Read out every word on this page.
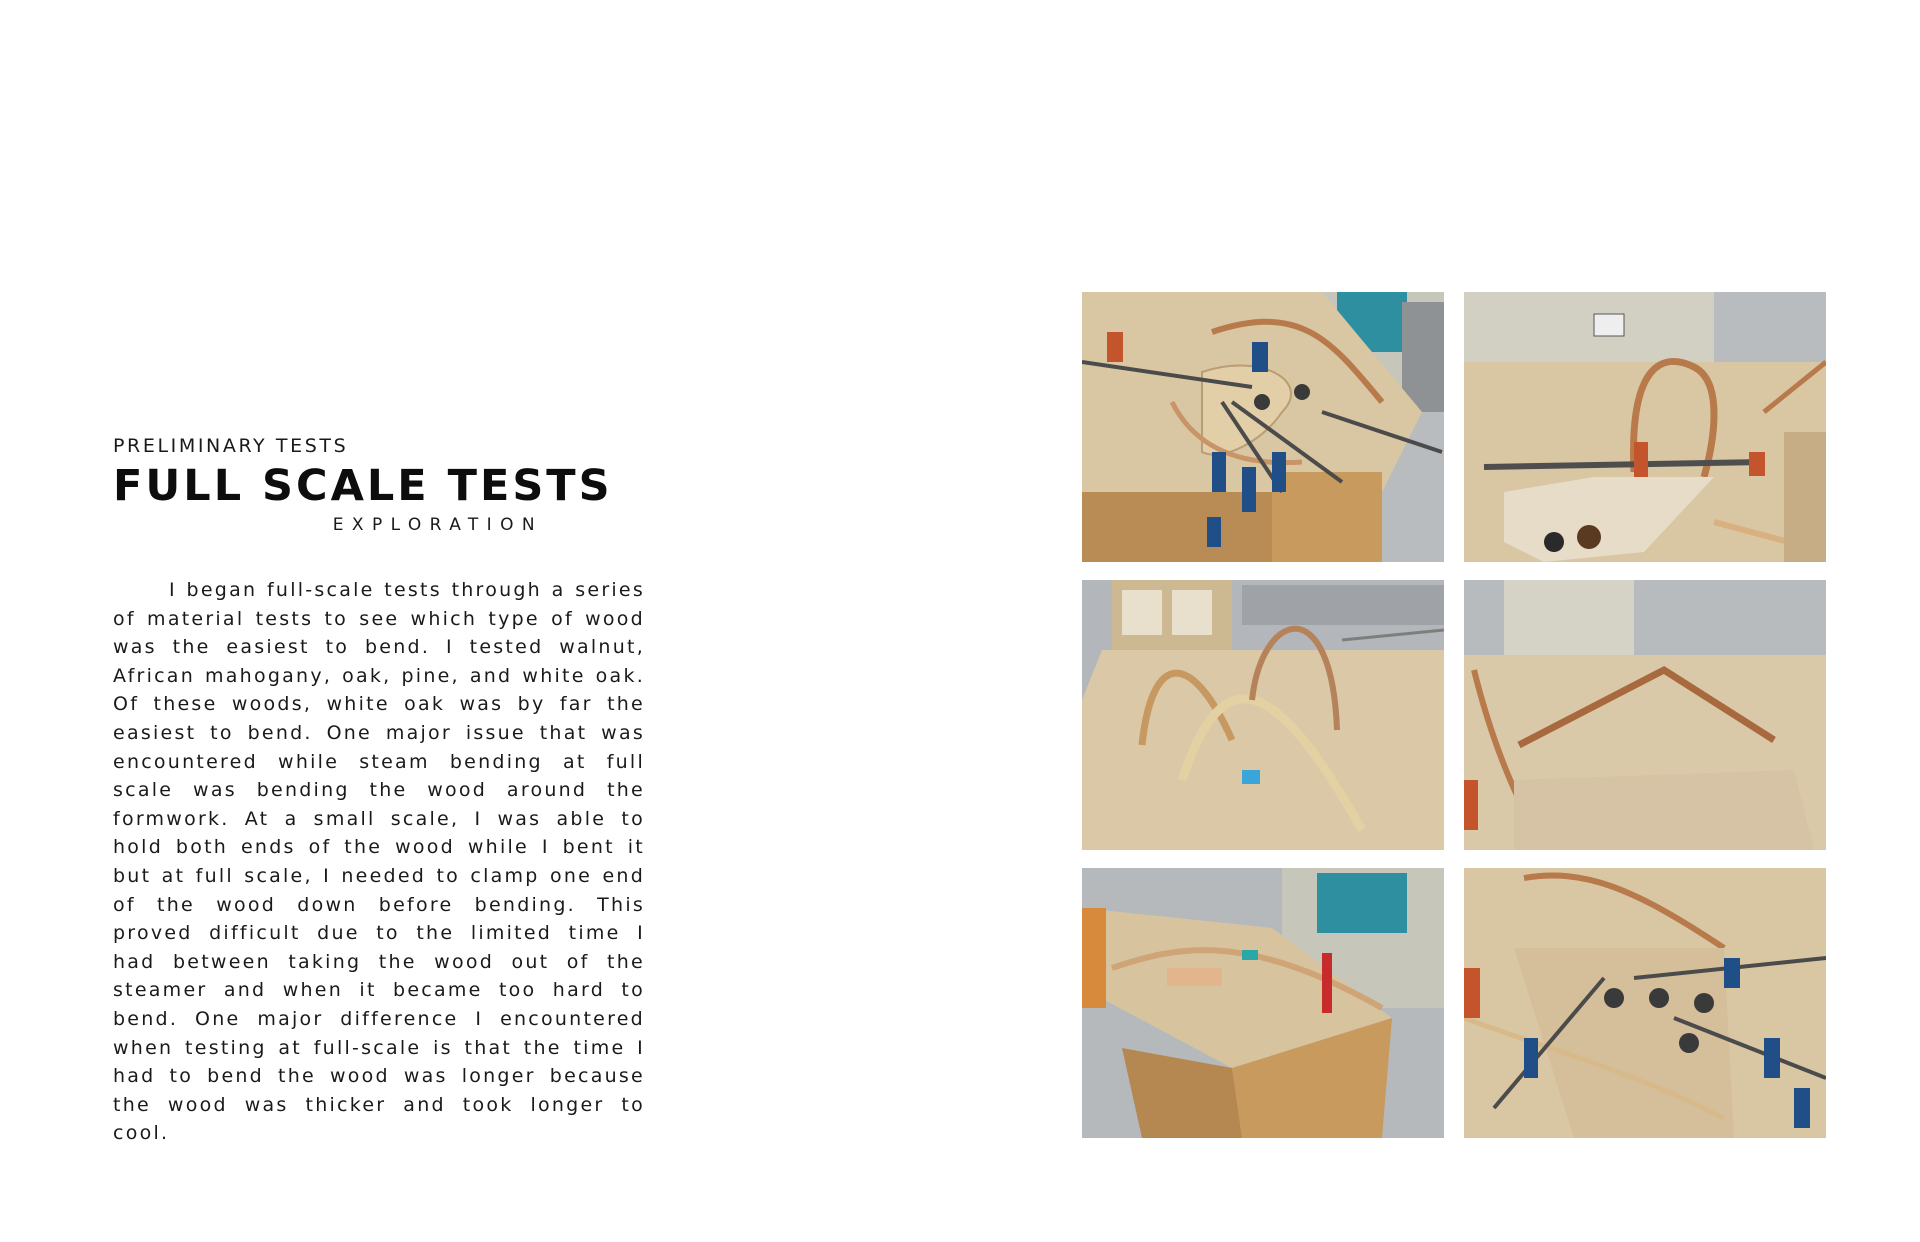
PRELIMINARY TESTS

FULL SCALE TESTS

EXPLORATION

I began full-scale tests through a series of material tests to see which type of wood was the easiest to bend. I tested walnut, African mahogany, oak, pine, and white oak. Of these woods, white oak was by far the easiest to bend. One major issue that was encountered while steam bending at full scale was bending the wood around the formwork. At a small scale, I was able to hold both ends of the wood while I bent it but at full scale, I needed to clamp one end of the wood down before bending. This proved difficult due to the limited time I had between taking the wood out of the steamer and when it became too hard to bend. One major difference I encountered when testing at full-scale is that the time I had to bend the wood was longer because the wood was thicker and took longer to cool.
